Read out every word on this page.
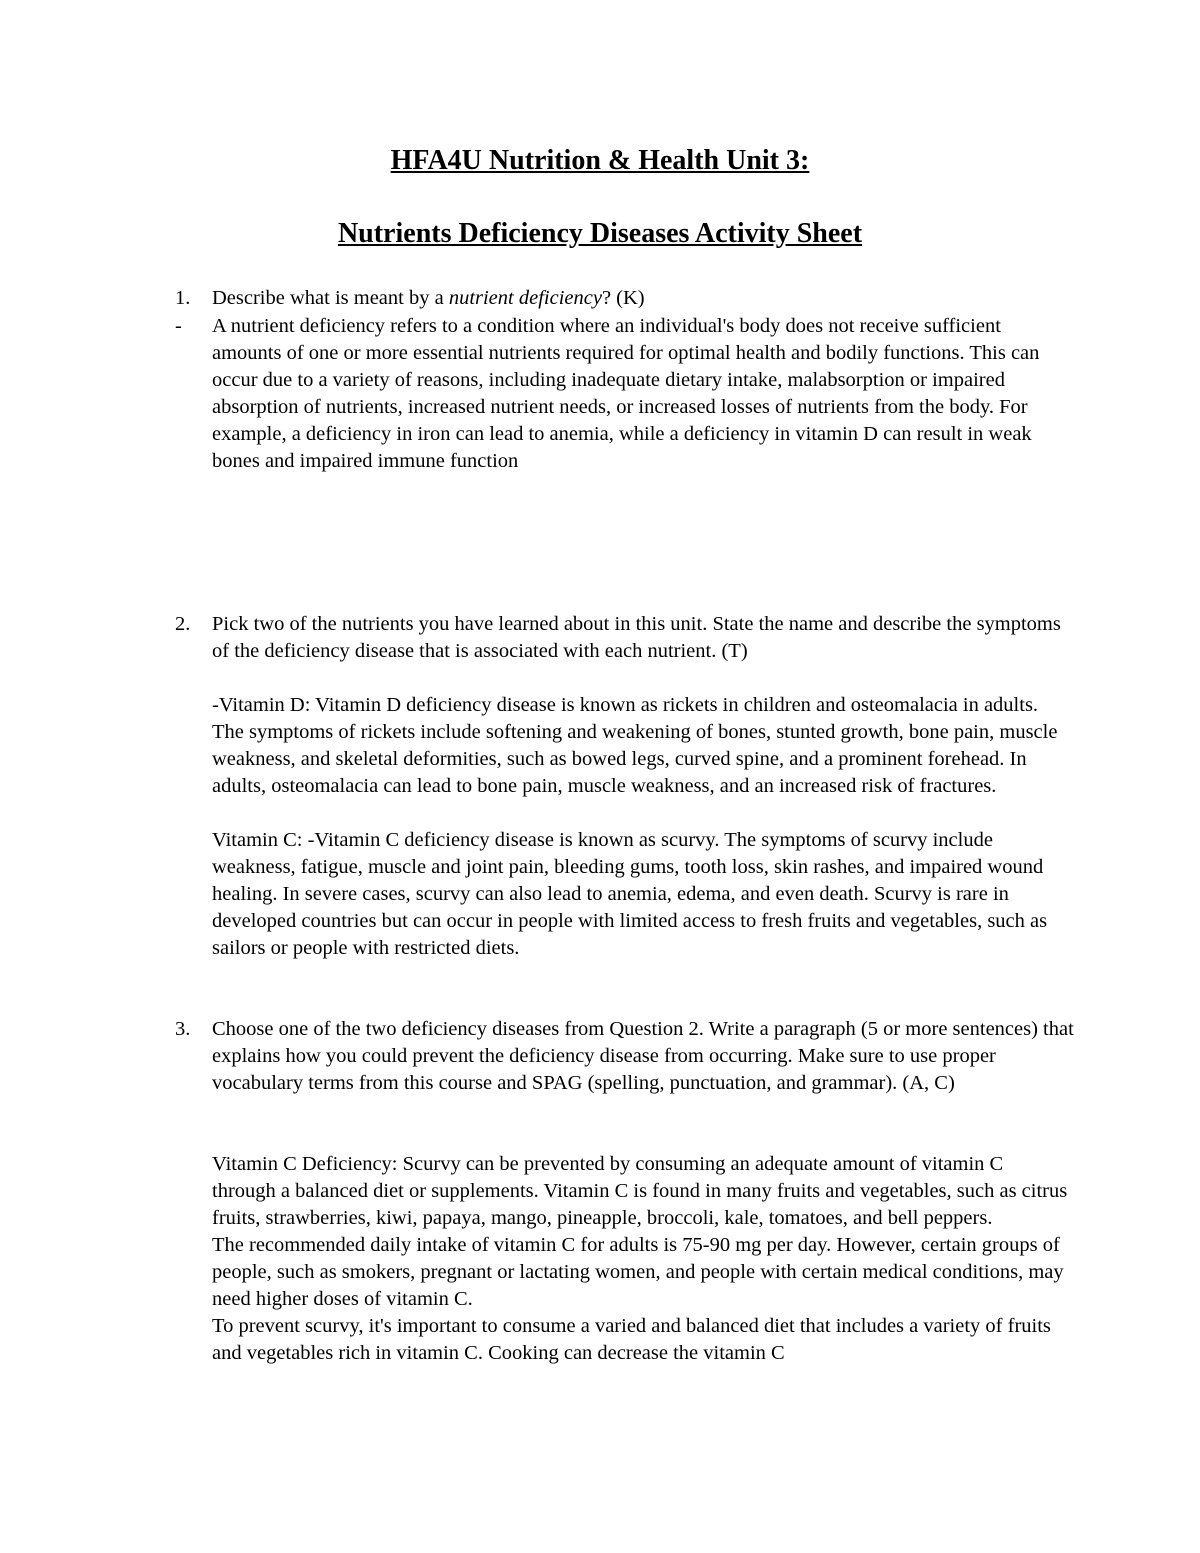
HFA4U Nutrition & Health Unit 3:
Nutrients Deficiency Diseases Activity Sheet
1. Describe what is meant by a nutrient deficiency? (K)
- A nutrient deficiency refers to a condition where an individual's body does not receive sufficient amounts of one or more essential nutrients required for optimal health and bodily functions. This can occur due to a variety of reasons, including inadequate dietary intake, malabsorption or impaired absorption of nutrients, increased nutrient needs, or increased losses of nutrients from the body. For example, a deficiency in iron can lead to anemia, while a deficiency in vitamin D can result in weak bones and impaired immune function

2. Pick two of the nutrients you have learned about in this unit. State the name and describe the symptoms of the deficiency disease that is associated with each nutrient. (T)

-Vitamin D: Vitamin D deficiency disease is known as rickets in children and osteomalacia in adults. The symptoms of rickets include softening and weakening of bones, stunted growth, bone pain, muscle weakness, and skeletal deformities, such as bowed legs, curved spine, and a prominent forehead. In adults, osteomalacia can lead to bone pain, muscle weakness, and an increased risk of fractures.

Vitamin C: -Vitamin C deficiency disease is known as scurvy. The symptoms of scurvy include weakness, fatigue, muscle and joint pain, bleeding gums, tooth loss, skin rashes, and impaired wound healing. In severe cases, scurvy can also lead to anemia, edema, and even death. Scurvy is rare in developed countries but can occur in people with limited access to fresh fruits and vegetables, such as sailors or people with restricted diets.

3. Choose one of the two deficiency diseases from Question 2. Write a paragraph (5 or more sentences) that explains how you could prevent the deficiency disease from occurring. Make sure to use proper vocabulary terms from this course and SPAG (spelling, punctuation, and grammar). (A, C)

Vitamin C Deficiency: Scurvy can be prevented by consuming an adequate amount of vitamin C through a balanced diet or supplements. Vitamin C is found in many fruits and vegetables, such as citrus fruits, strawberries, kiwi, papaya, mango, pineapple, broccoli, kale, tomatoes, and bell peppers.

The recommended daily intake of vitamin C for adults is 75-90 mg per day. However, certain groups of people, such as smokers, pregnant or lactating women, and people with certain medical conditions, may need higher doses of vitamin C.

To prevent scurvy, it's important to consume a varied and balanced diet that includes a variety of fruits and vegetables rich in vitamin C. Cooking can decrease the vitamin C
